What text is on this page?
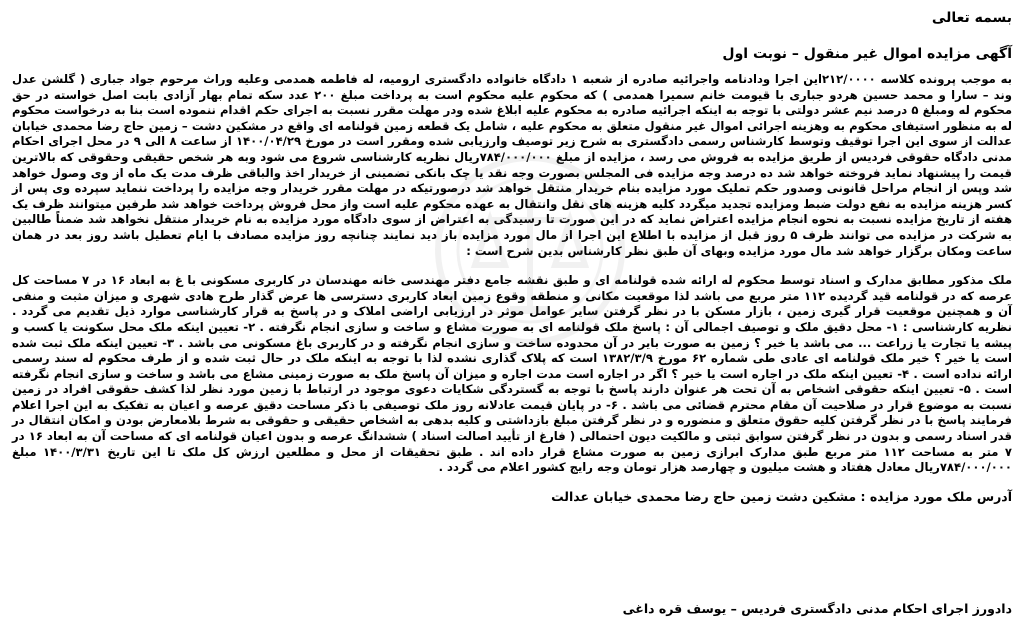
بسمه تعالی
آگهی مزایده اموال غیر منقول – نوبت اول

به موجب پرونده کلاسه ۲۱۲/۰۰۰۰این اجرا ودادنامه واجرائیه صادره از شعبه ۱ دادگاه خانواده دادگستری ارومیه، له فاطمه همدمی وعلیه وراث مرحوم جواد جباری ( گلشن عدل وند – سارا و محمد حسین هردو جباری با قیومت خانم سمیرا همدمی ) که محکوم علیه محکوم است به پرداخت مبلغ ۲۰۰ عدد سکه تمام بهار آزادی بابت اصل خواسته در حق محکوم له ومبلغ ۵ درصد نیم عشر دولتی با توجه به اینکه اجرائیه صادره به محکوم علیه ابلاغ شده ودر مهلت مقرر نسبت به اجرای حکم اقدام ننموده است بنا به درخواست محکوم له به منظور استیفای محکوم به وهزینه اجرائی اموال غیر منقول متعلق به محکوم علیه ، شامل یک قطعه زمین قولنامه ای واقع در مشکین دشت – زمین حاج رضا محمدی خیابان عدالت از سوی این اجرا توقیف وتوسط کارشناس رسمی دادگستری به شرح زیر توصیف وارزیابی شده ومقرر است در مورخ ۱۴۰۰/۰۴/۲۹ از ساعت ۸ الی ۹ در محل اجرای احکام مدنی دادگاه حقوقی فردیس از طریق مزایده به فروش می رسد ، مزایده از مبلغ ۷۸۴/۰۰۰/۰۰۰ریال نظریه کارشناسی شروع می شود وبه هر شخص حقیقی وحقوقی که بالاترین قیمت را پیشنهاد نماید فروخته خواهد شد ده درصد وجه مزایده فی المجلس بصورت وجه نقد یا چک بانکی تضمینی از خریدار اخذ والباقی ظرف مدت یک ماه از وی وصول خواهد شد وپس از انجام مراحل قانونی وصدور حکم تملیک مورد مزایده بنام خریدار منتقل خواهد شد درصورتیکه در مهلت مقرر خریدار وجه مزایده را پرداخت ننماید سپرده وی پس از کسر هزینه مزایده به نفع دولت ضبط ومزایده تجدید میگردد کلیه هزینه های نقل وانتقال به عهده محکوم علیه است واز محل فروش پرداخت خواهد شد طرفین میتوانند ظرف یک هفته از تاریخ مزایده نسبت به نحوه انجام مزایده اعتراض نماید که در این صورت تا رسیدگی به اعتراض از سوی دادگاه مورد مزایده به نام خریدار منتقل نخواهد شد ضمناً طالبین به شرکت در مزایده می توانند ظرف ۵ روز قبل از مزایده با اطلاع این اجرا از مال مورد مزایده باز دید نمایند چنانچه روز مزایده مصادف با ایام تعطیل باشد روز بعد در همان ساعت ومکان برگزار خواهد شد مال مورد مزایده وبهای آن طبق نظر کارشناس بدین شرح است :

ملک مذکور مطابق مدارک و اسناد توسط محکوم له ارائه شده قولنامه ای و طبق نقشه جامع دفتر مهندسی خانه مهندسان در کاربری مسکونی با غ به ابعاد ۱۶ در ۷ مساحت کل عرصه که در قولنامه قید گردیده ۱۱۲ متر مربع می باشد لذا موقعیت مکانی و منطقه وقوع زمین ابعاد کاربری دسترسی ها عرض گذار طرح هادی شهری و میزان مثبت و منفی آن و همچنین موقعیت قرار گیری زمین ، بازار مسکن با در نظر گرفتن سایر عوامل موثر در ارزیابی اراضی املاک و در پاسخ به قرار کارشناسی موارد ذیل تقدیم می گردد . نظریه کارشناسی : ۱- محل دقیق ملک و توصیف اجمالی آن : پاسخ ملک قولنامه ای به صورت مشاع و ساخت و سازی انجام نگرفته . ۲- تعیین اینکه ملک محل سکونت یا کسب و پیشه یا تجارت یا زراعت ... می باشد یا خیر ؟ زمین به صورت بایر در آن محدوده ساخت و سازی انجام نگرفته و در کاربری باغ مسکونی می باشد . ۳- تعیین اینکه ملک ثبت شده است یا خیر ؟ خیر ملک قولنامه ای عادی طی شماره ۶۲ مورخ ۱۳۸۲/۳/۹ است که پلاک گذاری نشده لذا با توجه به اینکه ملک در حال ثبت شده و از طرف محکوم له سند رسمی ارائه نداده است . ۴- تعیین اینکه ملک در اجاره است یا خیر ؟ اگر در اجاره است مدت اجاره و میزان آن پاسخ ملک به صورت زمینی مشاع می باشد و ساخت و سازی انجام نگرفته است . ۵- تعیین اینکه حقوقی اشخاص به آن تحت هر عنوان دارند پاسخ با توجه به گستردگی شکایات دعوی موجود در ارتباط با زمین مورد نظر لذا کشف حقوقی افراد در زمین نسبت به موضوع قرار در صلاحیت آن مقام محترم قضائی می باشد . ۶- در پایان قیمت عادلانه روز ملک توصیفی با ذکر مساحت دقیق عرصه و اعیان به تفکیک به این اجرا اعلام فرمایند پاسخ با در نظر گرفتن کلیه حقوق متعلق و منضوره و در نظر گرفتن مبلغ بازداشتی و کلیه بدهی به اشخاص حقیقی و حقوقی به شرط بلامعارض بودن و امکان انتقال در قدر اسناد رسمی و بدون در نظر گرفتن سوابق ثبتی و مالکیت دیون احتمالی ( فارغ از تأیید اصالت اسناد ) ششدانگ عرصه و بدون اعیان قولنامه ای که مساحت آن به ابعاد ۱۶ در ۷ متر به مساحت ۱۱۲ متر مربع طبق مدارک ابرازی زمین به صورت مشاع قرار داده اند . طبق تحقیقات از محل و مطلعین ارزش کل ملک تا این تاریخ ۱۴۰۰/۳/۳۱ مبلغ ۷۸۴/۰۰۰/۰۰۰ریال معادل هفتاد و هشت میلیون و چهارصد هزار تومان وجه رایج کشور اعلام می گردد .

آدرس ملک مورد مزایده : مشکین دشت زمین حاج رضا محمدی خیابان عدالت

دادورز اجرای احکام مدنی دادگستری فردیس – یوسف قره داغی
